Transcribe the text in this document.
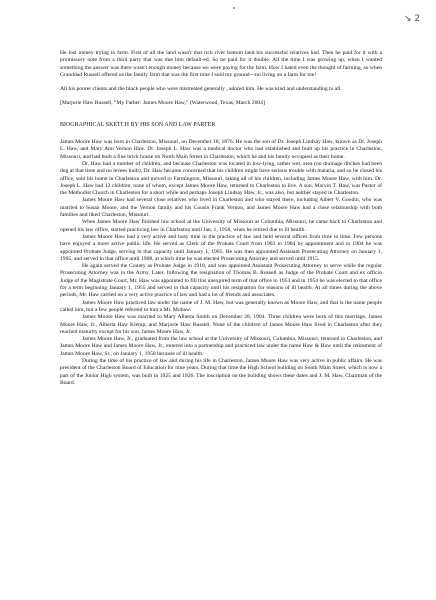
↘ 2

He lost money trying to farm. First of all the land wasn't that rich river bottom land his successful relatives had. Then he paid for it with a promissory note from a third party that was due him default-ed. So he paid for it double. All the time I was growing up, when I wanted something the answer was there wasn't enough money because we were paying for the farm. How I hated even the thought of farming, so when Granddad Russell offered us the family farm that was the first time I sold my ground—no living on a farm for me!

All his poorer clients and the black people who were mistreated generally , adored him. He was kind and understanding to all.

[Marjorie Haw Russell, “My Father: James Moore Haw,” (Waterwood, Texas, March 2004]

BIOGRAPHICAL SKETCH BY HIS SON AND LAW PARTER

James Moore Haw was born in Charleston, Missouri, on December 18, 1876. He was the son of Dr. Joseph Lindsay Haw, known as Dr. Joseph L. Haw, and Mary Ann Vernon Haw. Dr. Joseph L. Haw was a medical doctor who had established and built up his practice in Charleston, Missouri, and had built a fine brick house on North Main Street in Charleston, which he and his family occupied as their home.

Dr. Haw had a number of children, and because Charleston was located in low-lying, rather wet, area (no drainage ditches had been dug at that time and no levees built), Dr. Haw became concerned that his children might have serious trouble with malaria, and so he closed his office, sold his home in Charleston and moved to Farmington, Missouri, taking all of his children, including James Moore Haw, with him. Dr. Joseph L. Haw had 12 children, none of whom, except James Moore Haw, returned to Charleston to live. A son, Marvin T. Haw, was Pastor of the Methodist Church in Charleston for a short while and perhaps Joseph Lindsay Haw, Jr., was also, but neither stayed in Charleston.

James Moore Haw had several close relatives who lived in Charleston and who stayed there, including Albert V. Goodin, who was married to Susan Moore, and the Vernon family and his Cousin Frank Vernon, and James Moore Haw had a close relationship with both families and liked Charleston, Missouri.

When James Moore Haw finished law school at the University of Missouri at Columbia, Missouri, he came back to Charleston and opened his law office, started practicing law in Charleston until Jan. 1, 1958, when he retired due to ill health.

James Moore Haw had a very active and busy time in the practice of law and held several offices from time to time. Few persons have enjoyed a more active public life. He served as Clerk of the Probate Court from 1903 to 1904 by appointment and in 1904 he was appointed Probate Judge, serving in that capacity until January 1, 1905. He was then appointed Assistant Prosecuting Attorney on January 1, 1905, and served in that office until 1908, at which time he was elected Prosecuting Attorney and served until 1915.

He again served the County as Probate Judge in 1918, and was appointed Assistant Prosecuting Attorney to serve while the regular Prosecuting Attorney was in the Army. Later, following the resignation of Thomas B. Russell as Judge of the Probate Court and ex officio Judge of the Magistrate Court, Mr. Haw was appointed to fill this unexpired term of that office in 1953 and in 1954 he was elected to that office for a term beginning January 1, 1955 and served in that capacity until his resignation for reasons of ill health. At all times during the above periods, Mr. Haw carried on a very active practice of law and had a lot of friends and associates.

James Moore Haw practiced law under the name of J. M. Haw, but was generally known as Moore Haw, and that is the name people called him, but a few people referred to him a Mr. Mohaw.

James Moore Haw was married to Mary Alberta Smith on December 28, 1904. Three children were born of this marriage, James Moore Haw, Jr., Alberta Haw Klemp, and Marjorie Haw Russell. None of the children of James Moore Haw lived in Charleston after they reached maturity except for his son, James Moore Haw, Jr.

James Moore Haw, Jr., graduated from the law school at the University of Missouri, Columbia, Missouri, returned to Charleston, and James Moore Haw and James Moore Haw, Jr., entered into a partnership and practiced law under the name Haw & Haw until the retirement of James Moore Haw, Sr., on January 1, 1958 because of ill health.

During the time of his practice of law and during his life in Charleston, James Moore Haw was very active in public affairs. He was president of the Charleston Board of Education for nine years. During that time the High School building on South Main Street, which is now a part of the Junior High system, was built in 1925 and 1926. The inscription on the building shows these dates and J. M. Haw, Chairman of the Board.
